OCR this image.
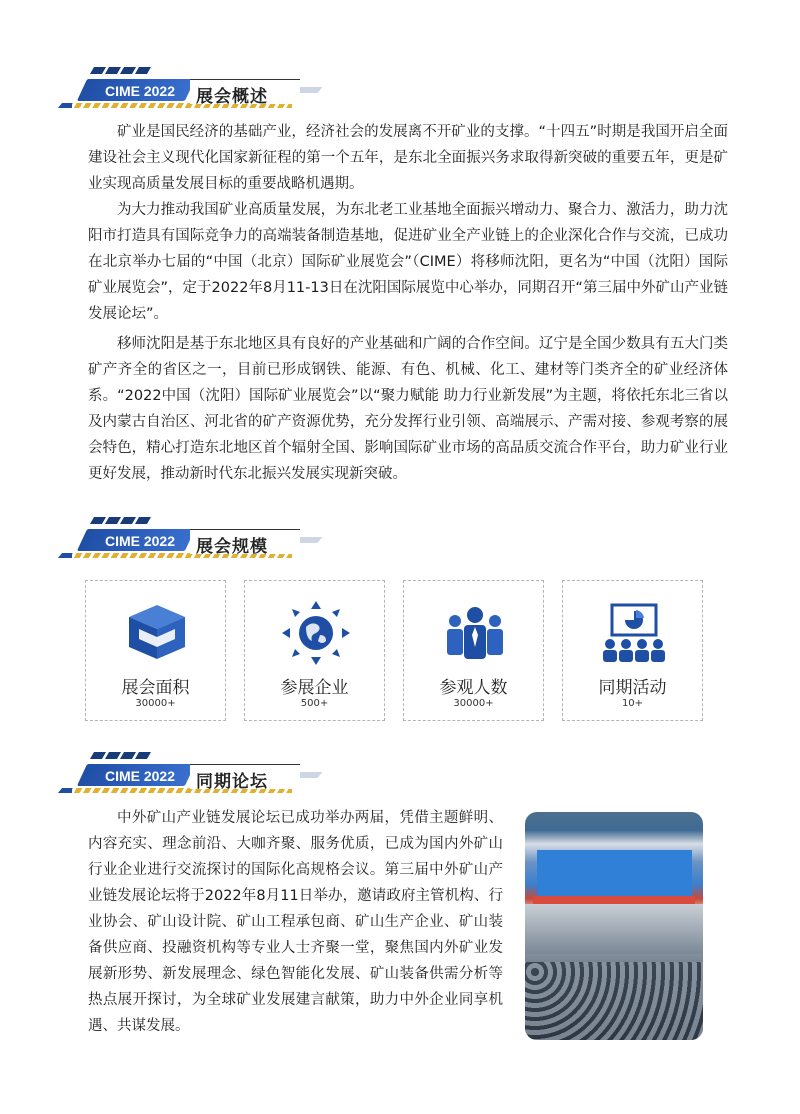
CIME 2022	展会概述

矿业是国民经济的基础产业，经济社会的发展离不开矿业的支撑。“十四五”时期是我国开启全面建设社会主义现代化国家新征程的第一个五年，是东北全面振兴务求取得新突破的重要五年，更是矿业实现高质量发展目标的重要战略机遇期。

为大力推动我国矿业高质量发展，为东北老工业基地全面振兴增动力、聚合力、激活力，助力沈阳市打造具有国际竞争力的高端装备制造基地，促进矿业全产业链上的企业深化合作与交流，已成功在北京举办七届的“中国（北京）国际矿业展览会”（CIME）将移师沈阳，更名为“中国（沈阳）国际矿业展览会”，定于2022年8月11-13日在沈阳国际展览中心举办，同期召开“第三届中外矿山产业链发展论坛”。

移师沈阳是基于东北地区具有良好的产业基础和广阔的合作空间。辽宁是全国少数具有五大门类矿产齐全的省区之一，目前已形成钢铁、能源、有色、机械、化工、建材等门类齐全的矿业经济体系。“2022中国（沈阳）国际矿业展览会”以“聚力赋能 助力行业新发展”为主题，将依托东北三省以及内蒙古自治区、河北省的矿产资源优势，充分发挥行业引领、高端展示、产需对接、参观考察的展会特色，精心打造东北地区首个辐射全国、影响国际矿业市场的高品质交流合作平台，助力矿业行业更好发展，推动新时代东北振兴发展实现新突破。

CIME 2022	展会规模
展会面积
30000+
参展企业
500+
参观人数
30000+
同期活动
10+
CIME 2022	同期论坛

中外矿山产业链发展论坛已成功举办两届，凭借主题鲜明、内容充实、理念前沿、大咖齐聚、服务优质，已成为国内外矿山行业企业进行交流探讨的国际化高规格会议。第三届中外矿山产业链发展论坛将于2022年8月11日举办，邀请政府主管机构、行业协会、矿山设计院、矿山工程承包商、矿山生产企业、矿山装备供应商、投融资机构等专业人士齐聚一堂，聚焦国内外矿业发展新形势、新发展理念、绿色智能化发展、矿山装备供需分析等热点展开探讨，为全球矿业发展建言献策，助力中外企业同享机遇、共谋发展。
